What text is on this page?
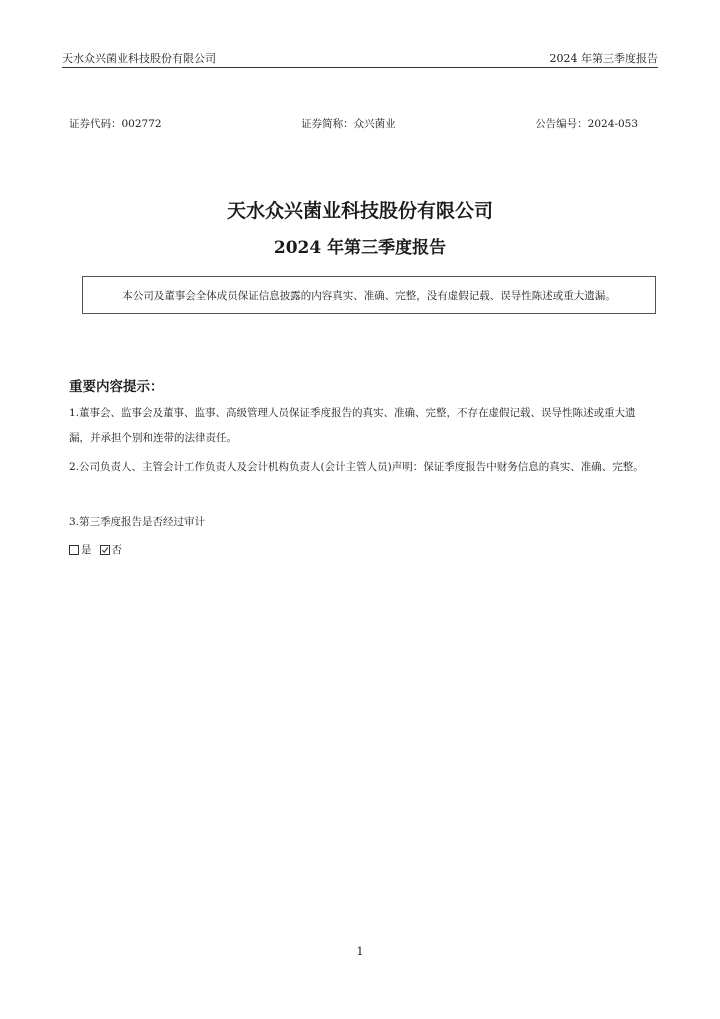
天水众兴菌业科技股份有限公司	2024 年第三季度报告
证券代码：002772	证券简称：众兴菌业	公告编号：2024-053
天水众兴菌业科技股份有限公司
2024 年第三季度报告
本公司及董事会全体成员保证信息披露的内容真实、准确、完整，没有虚假记载、误导性陈述或重大遗漏。
重要内容提示：
1.董事会、监事会及董事、监事、高级管理人员保证季度报告的真实、准确、完整，不存在虚假记载、误导性陈述或重大遗漏，并承担个别和连带的法律责任。
2.公司负责人、主管会计工作负责人及会计机构负责人(会计主管人员)声明：保证季度报告中财务信息的真实、准确、完整。
3.第三季度报告是否经过审计
是 否
1
